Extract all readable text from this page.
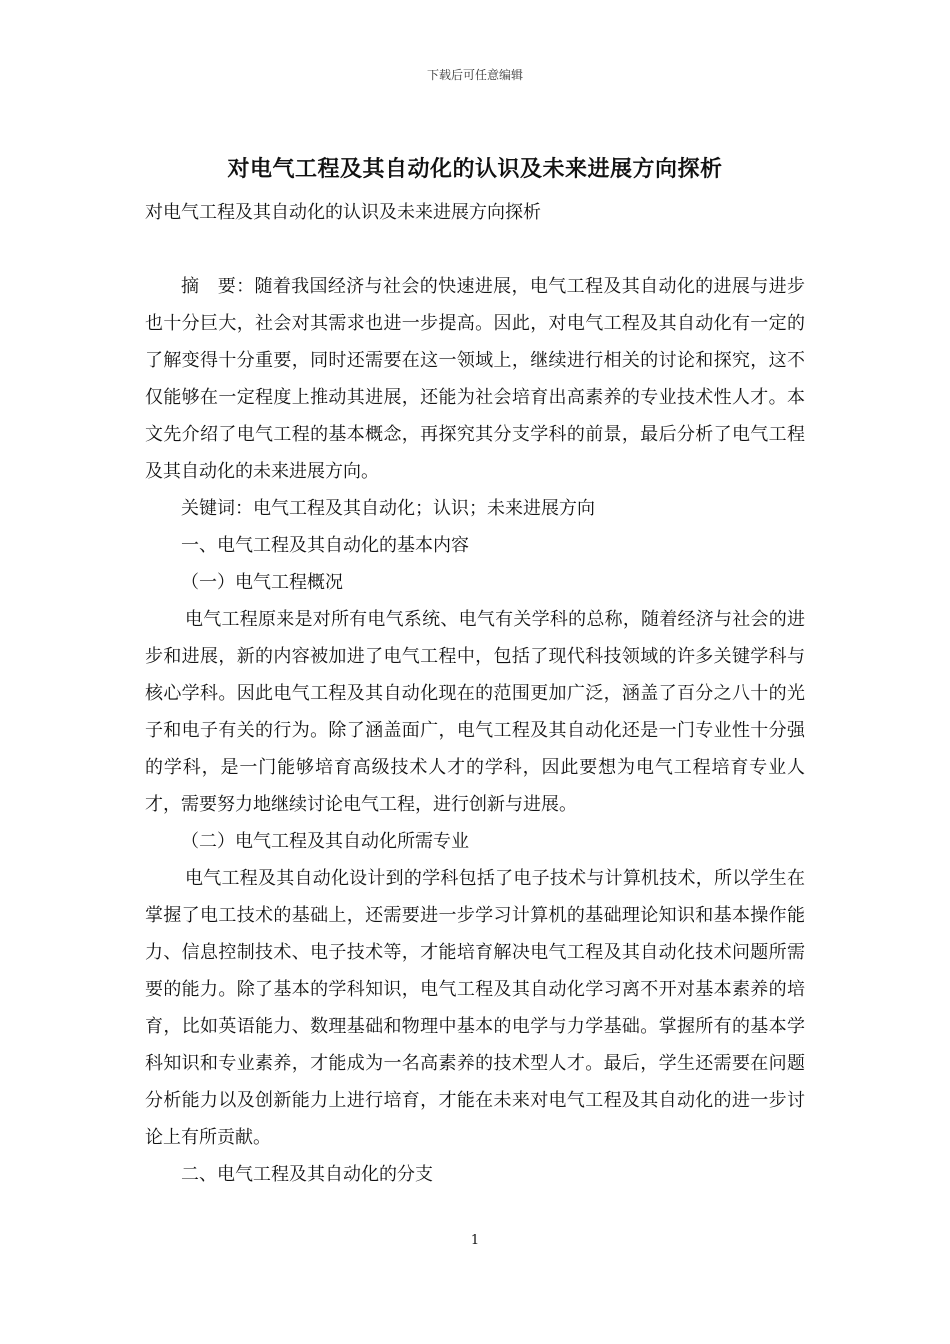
下载后可任意编辑
对电气工程及其自动化的认识及未来进展方向探析
对电气工程及其自动化的认识及未来进展方向探析

摘　要：随着我国经济与社会的快速进展，电气工程及其自动化的进展与进步也十分巨大，社会对其需求也进一步提高。因此，对电气工程及其自动化有一定的了解变得十分重要，同时还需要在这一领域上，继续进行相关的讨论和探究，这不仅能够在一定程度上推动其进展，还能为社会培育出高素养的专业技术性人才。本文先介绍了电气工程的基本概念，再探究其分支学科的前景，最后分析了电气工程及其自动化的未来进展方向。

关键词：电气工程及其自动化；认识；未来进展方向

一、电气工程及其自动化的基本内容

（一）电气工程概况

电气工程原来是对所有电气系统、电气有关学科的总称，随着经济与社会的进步和进展，新的内容被加进了电气工程中，包括了现代科技领域的许多关键学科与核心学科。因此电气工程及其自动化现在的范围更加广泛，涵盖了百分之八十的光子和电子有关的行为。除了涵盖面广，电气工程及其自动化还是一门专业性十分强的学科，是一门能够培育高级技术人才的学科，因此要想为电气工程培育专业人才，需要努力地继续讨论电气工程，进行创新与进展。

（二）电气工程及其自动化所需专业

电气工程及其自动化设计到的学科包括了电子技术与计算机技术，所以学生在掌握了电工技术的基础上，还需要进一步学习计算机的基础理论知识和基本操作能力、信息控制技术、电子技术等，才能培育解决电气工程及其自动化技术问题所需要的能力。除了基本的学科知识，电气工程及其自动化学习离不开对基本素养的培育，比如英语能力、数理基础和物理中基本的电学与力学基础。掌握所有的基本学科知识和专业素养，才能成为一名高素养的技术型人才。最后，学生还需要在问题分析能力以及创新能力上进行培育，才能在未来对电气工程及其自动化的进一步讨论上有所贡献。

二、电气工程及其自动化的分支

1
